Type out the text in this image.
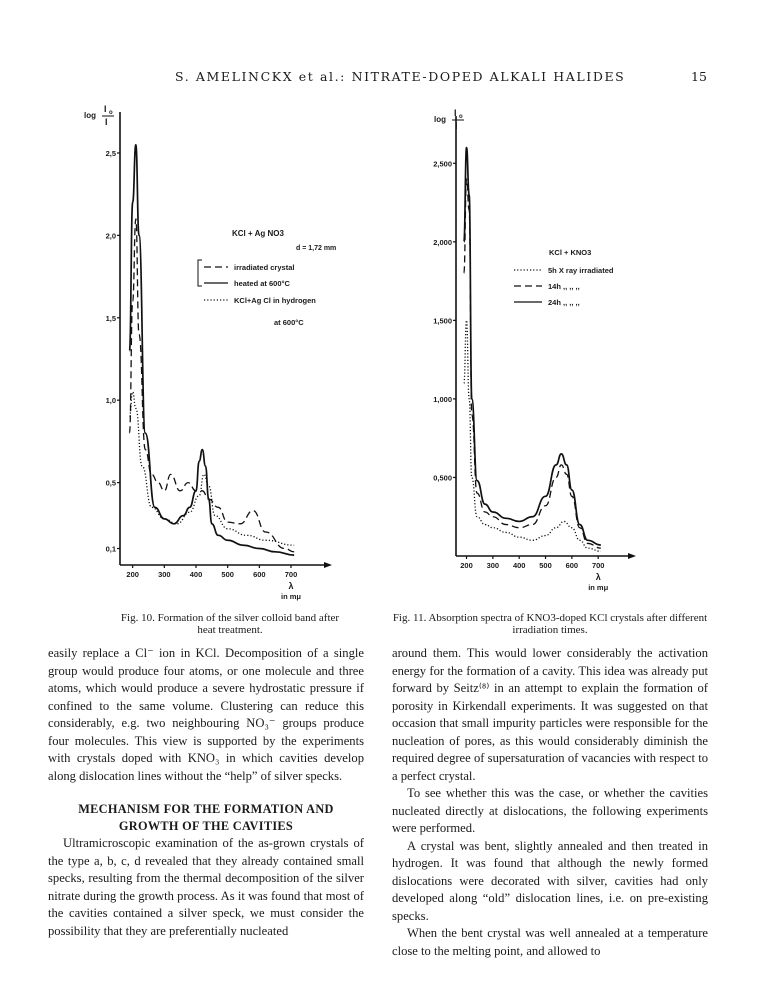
S. AMELINCKX et al.: NITRATE-DOPED ALKALI HALIDES	15
log
I o
I
0,1
0,5
1,0
1,5
2,0
2,5
200	300	400	500	600	700
λ
in mμ
KCl + Ag NO3
d = 1,72 mm
irradiated crystal
heated at 600°C
KCl+Ag Cl in hydrogen
at 600°C
log
I o
I
0,500
1,000
1,500
2,000
2,500
200 300 400 500 600 700
λ
in mμ
KCl + KNO3
5h X ray irradiated
14h ,, ,, ,,
24h ,, ,, ,,
Fig. 10. Formation of the silver colloid band after heat treatment.
Fig. 11. Absorption spectra of KNO3-doped KCl crystals after different irradiation times.

easily replace a Cl⁻ ion in KCl. Decomposition of a single group would produce four atoms, or one molecule and three atoms, which would produce a severe hydrostatic pressure if confined to the same volume. Clustering can reduce this considerably, e.g. two neighbouring NO₃⁻ groups produce four molecules. This view is supported by the experiments with crystals doped with KNO₃ in which cavities develop along dislocation lines without the “help” of silver specks.

MECHANISM FOR THE FORMATION AND GROWTH OF THE CAVITIES

Ultramicroscopic examination of the as-grown crystals of the type a, b, c, d revealed that they already contained small specks, resulting from the thermal decomposition of the silver nitrate during the growth process. As it was found that most of the cavities contained a silver speck, we must consider the possibility that they are preferentially nucleated

around them. This would lower considerably the activation energy for the formation of a cavity. This idea was already put forward by Seitz⁽⁸⁾ in an attempt to explain the formation of porosity in Kirkendall experiments. It was suggested on that occasion that small impurity particles were responsible for the nucleation of pores, as this would considerably diminish the required degree of supersaturation of vacancies with respect to a perfect crystal.

To see whether this was the case, or whether the cavities nucleated directly at dislocations, the following experiments were performed.

A crystal was bent, slightly annealed and then treated in hydrogen. It was found that although the newly formed dislocations were decorated with silver, cavities had only developed along “old” dislocation lines, i.e. on pre-existing specks.

When the bent crystal was well annealed at a temperature close to the melting point, and allowed to
